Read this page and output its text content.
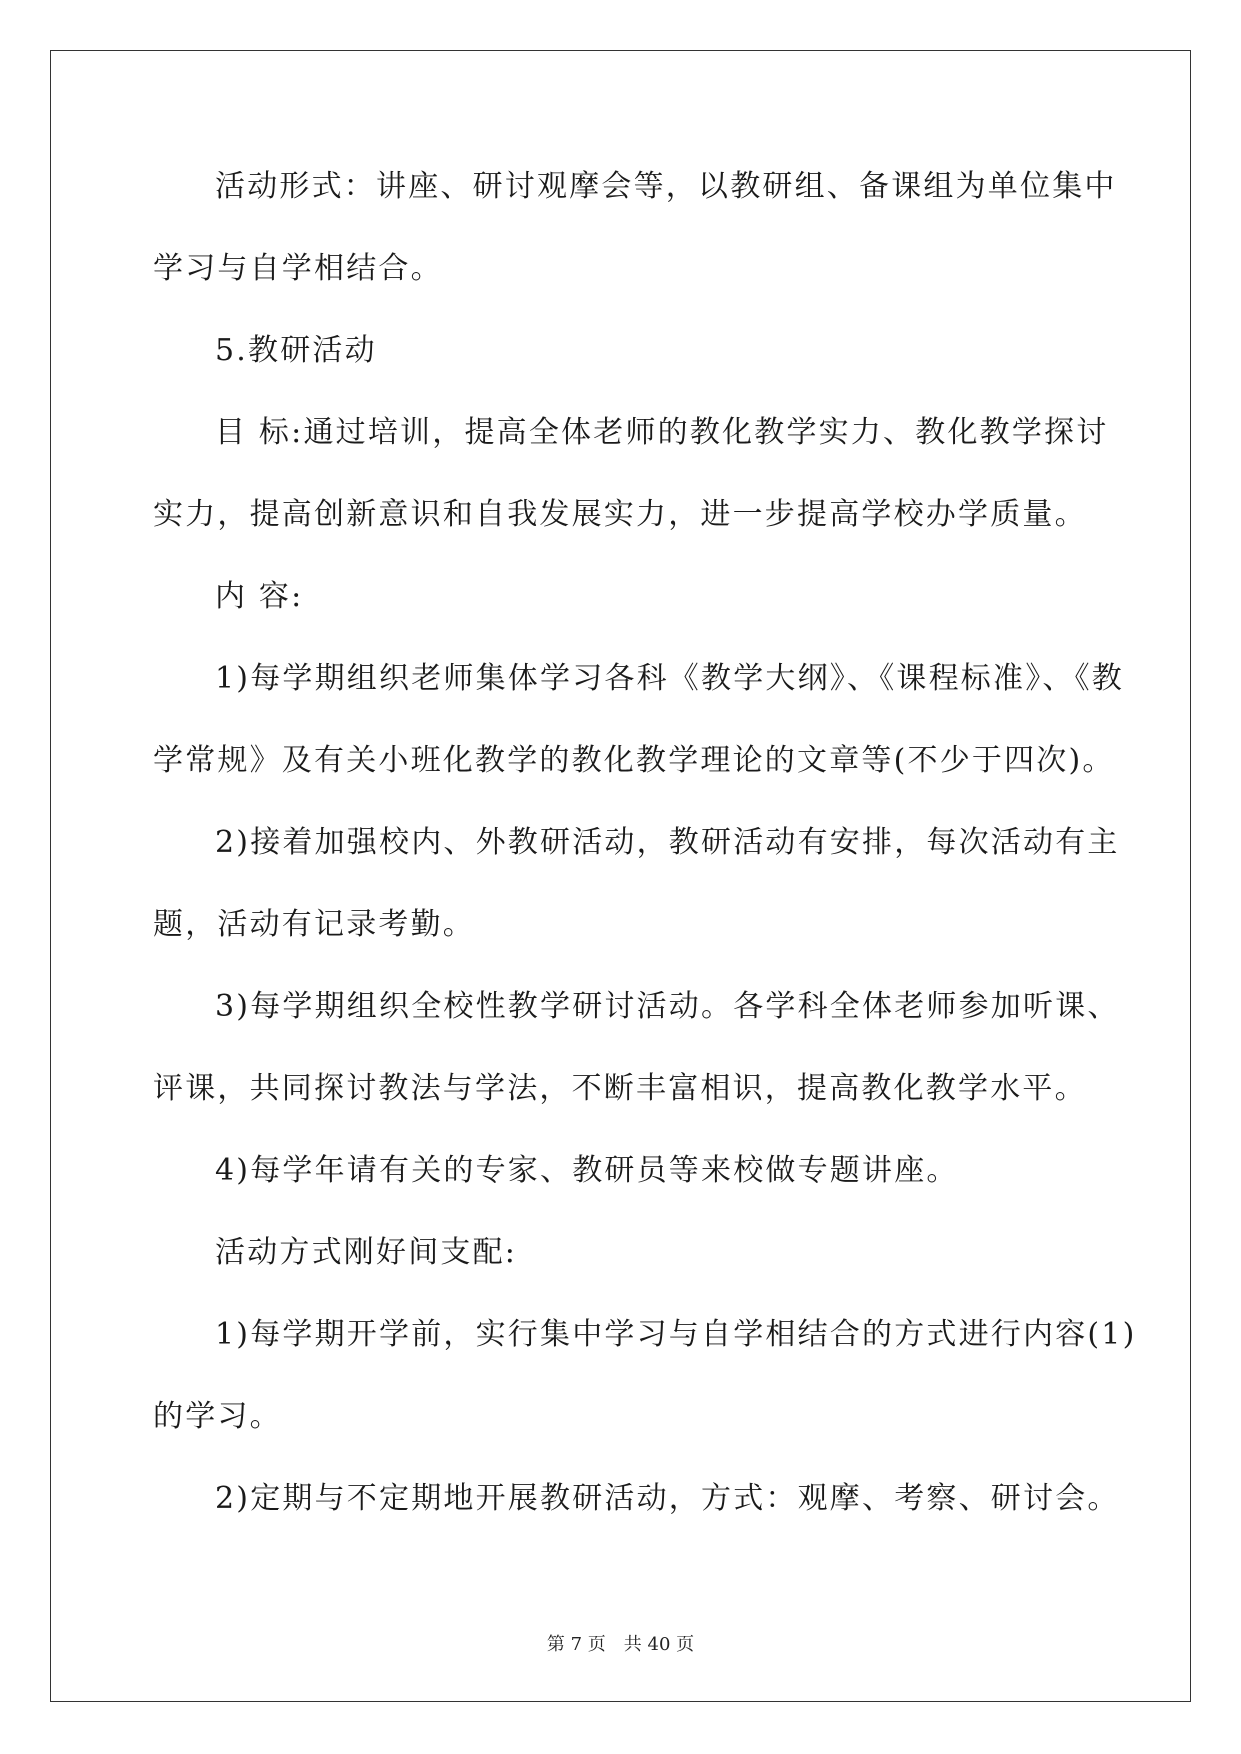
活动形式：讲座、研讨观摩会等，以教研组、备课组为单位集中
学习与自学相结合。
5.教研活动
目 标:通过培训，提高全体老师的教化教学实力、教化教学探讨
实力，提高创新意识和自我发展实力，进一步提高学校办学质量。
内 容:
1)每学期组织老师集体学习各科《教学大纲》、《课程标准》、《教
学常规》及有关小班化教学的教化教学理论的文章等(不少于四次)。
2)接着加强校内、外教研活动，教研活动有安排，每次活动有主
题，活动有记录考勤。
3)每学期组织全校性教学研讨活动。各学科全体老师参加听课、
评课，共同探讨教法与学法，不断丰富相识，提高教化教学水平。
4)每学年请有关的专家、教研员等来校做专题讲座。
活动方式刚好间支配:
1)每学期开学前，实行集中学习与自学相结合的方式进行内容(1)
的学习。
2)定期与不定期地开展教研活动，方式：观摩、考察、研讨会。
第 7 页　共 40 页
